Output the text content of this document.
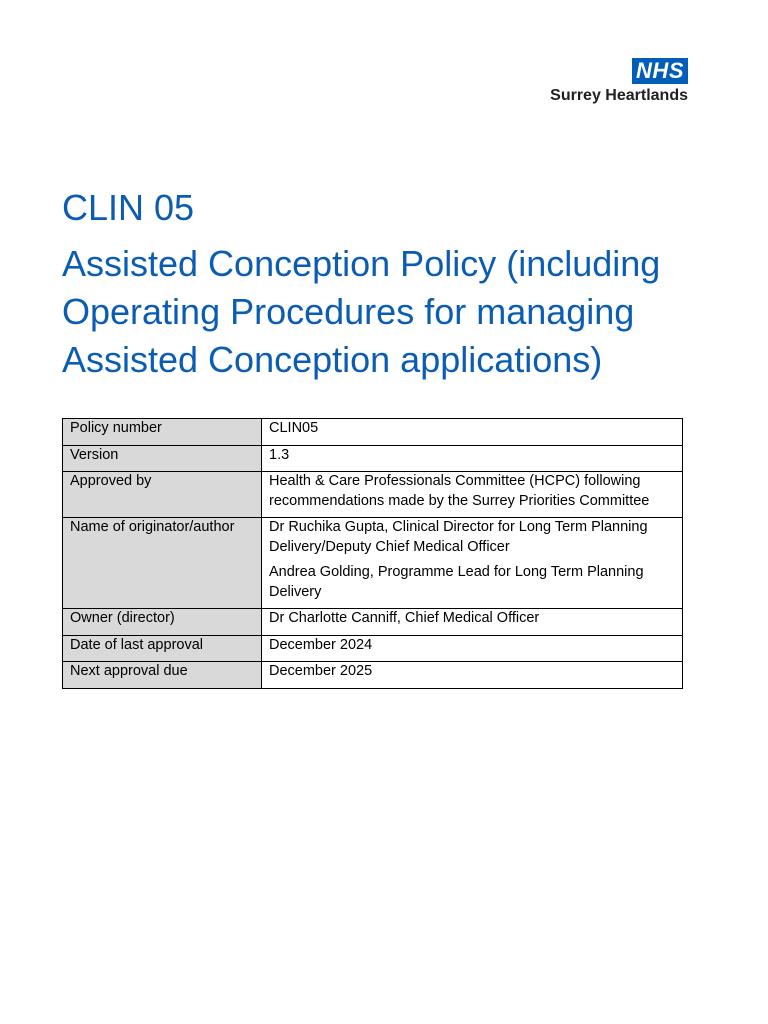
NHS
Surrey Heartlands
CLIN 05
Assisted Conception Policy (including Operating Procedures for managing Assisted Conception applications)
Policy number	CLIN05

Version	1.3

Approved by	Health & Care Professionals Committee (HCPC) following recommendations made by the Surrey Priorities Committee

Name of originator/author	Dr Ruchika Gupta, Clinical Director for Long Term Planning Delivery/Deputy Chief Medical Officer
Andrea Golding, Programme Lead for Long Term Planning Delivery

Owner (director)	Dr Charlotte Canniff, Chief Medical Officer

Date of last approval	December 2024

Next approval due	December 2025
